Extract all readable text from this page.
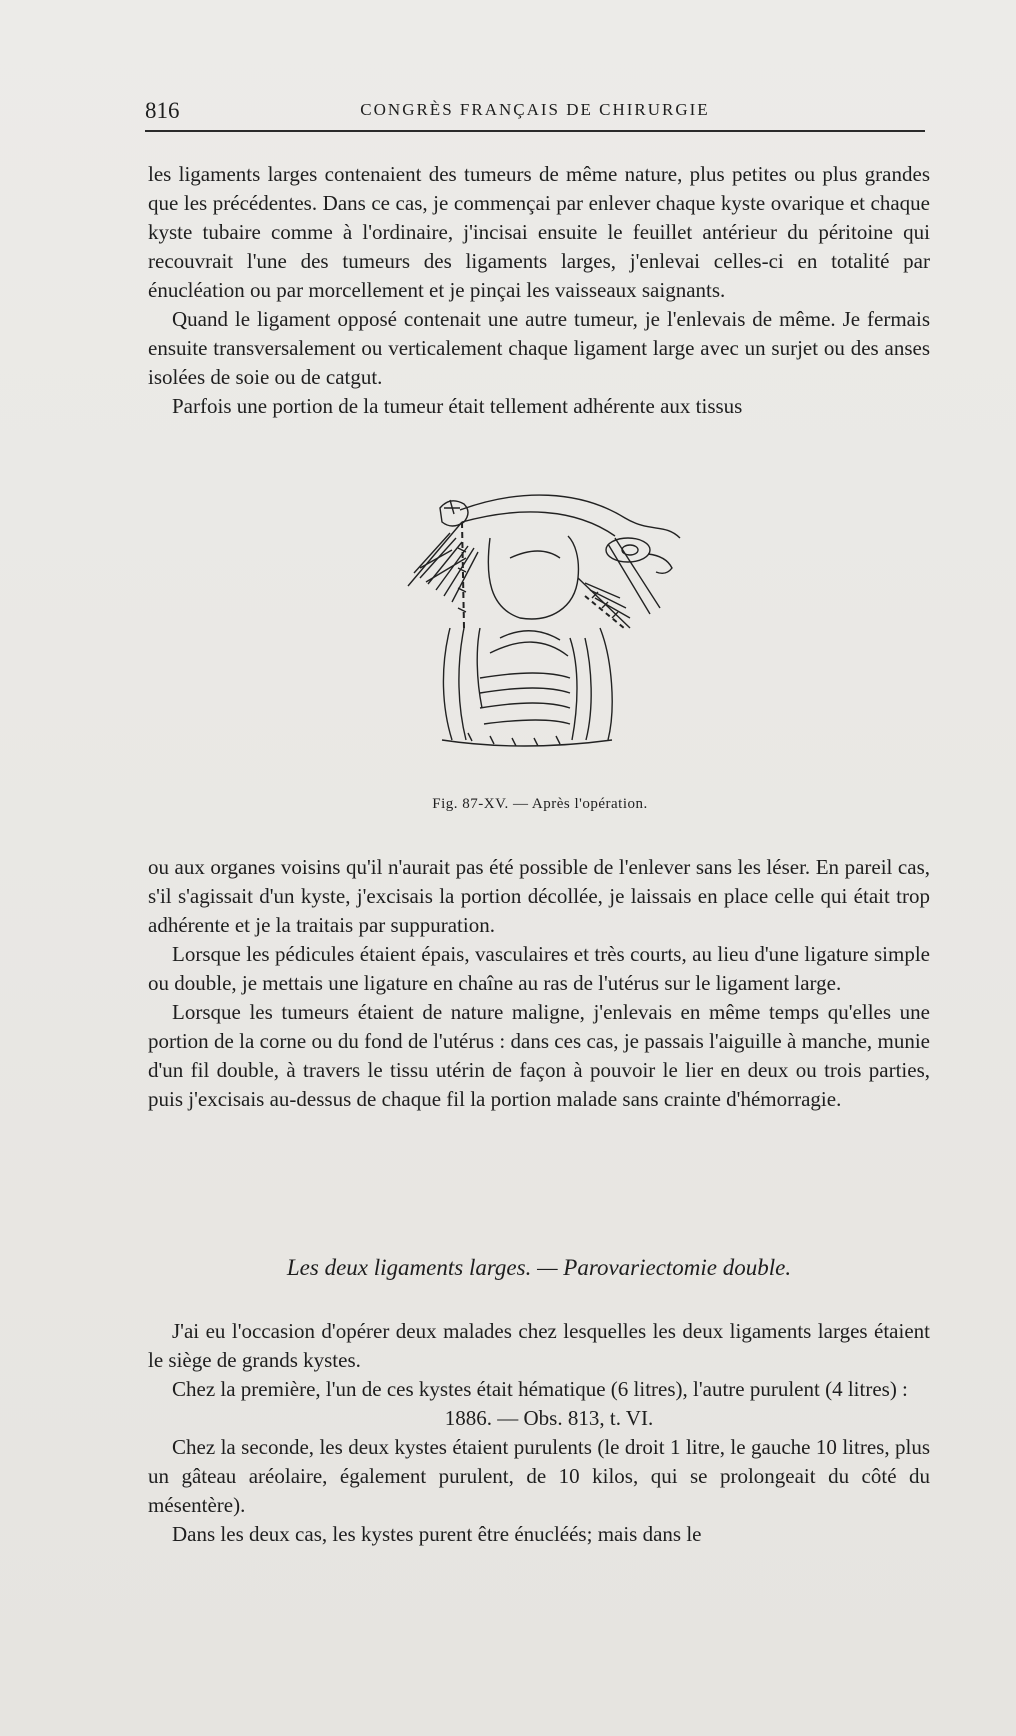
816	CONGRÈS FRANÇAIS DE CHIRURGIE

les ligaments larges contenaient des tumeurs de même nature, plus petites ou plus grandes que les précédentes. Dans ce cas, je commençai par enlever chaque kyste ovarique et chaque kyste tubaire comme à l'ordinaire, j'incisai ensuite le feuillet antérieur du péritoine qui recouvrait l'une des tumeurs des ligaments larges, j'enlevai celles-ci en totalité par énucléation ou par morcellement et je pinçai les vaisseaux saignants.

Quand le ligament opposé contenait une autre tumeur, je l'enlevais de même. Je fermais ensuite transversalement ou verticalement chaque ligament large avec un surjet ou des anses isolées de soie ou de catgut.

Parfois une portion de la tumeur était tellement adhérente aux tissus

Fig. 87-XV. — Après l'opération.

ou aux organes voisins qu'il n'aurait pas été possible de l'enlever sans les léser. En pareil cas, s'il s'agissait d'un kyste, j'excisais la portion décollée, je laissais en place celle qui était trop adhérente et je la traitais par suppuration.

Lorsque les pédicules étaient épais, vasculaires et très courts, au lieu d'une ligature simple ou double, je mettais une ligature en chaîne au ras de l'utérus sur le ligament large.

Lorsque les tumeurs étaient de nature maligne, j'enlevais en même temps qu'elles une portion de la corne ou du fond de l'utérus : dans ces cas, je passais l'aiguille à manche, munie d'un fil double, à travers le tissu utérin de façon à pouvoir le lier en deux ou trois parties, puis j'excisais au-dessus de chaque fil la portion malade sans crainte d'hémorragie.

Les deux ligaments larges. — Parovariectomie double.

J'ai eu l'occasion d'opérer deux malades chez lesquelles les deux ligaments larges étaient le siège de grands kystes.

Chez la première, l'un de ces kystes était hématique (6 litres), l'autre purulent (4 litres) :

1886. — Obs. 813, t. VI.

Chez la seconde, les deux kystes étaient purulents (le droit 1 litre, le gauche 10 litres, plus un gâteau aréolaire, également purulent, de 10 kilos, qui se prolongeait du côté du mésentère).

Dans les deux cas, les kystes purent être énucléés; mais dans le
